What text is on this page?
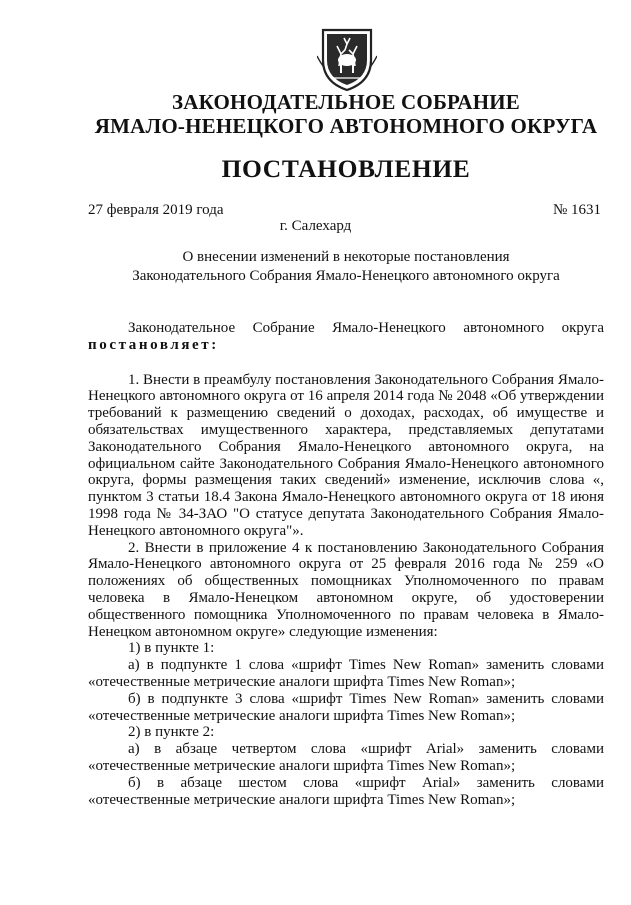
ЗАКОНОДАТЕЛЬНОЕ СОБРАНИЕ
ЯМАЛО-НЕНЕЦКОГО АВТОНОМНОГО ОКРУГА
ПОСТАНОВЛЕНИЕ
27 февраля 2019 года	№ 1631
г. Салехард
О внесении изменений в некоторые постановления
Законодательного Собрания Ямало-Ненецкого автономного округа

Законодательное Собрание Ямало-Ненецкого автономного округа

постановляет:

1. Внести в преамбулу постановления Законодательного Собрания Ямало-Ненецкого автономного округа от 16 апреля 2014 года № 2048 «Об утверждении требований к размещению сведений о доходах, расходах, об имуществе и обязательствах имущественного характера, представляемых депутатами Законодательного Собрания Ямало-Ненецкого автономного округа, на официальном сайте Законодательного Собрания Ямало-Ненецкого автономного округа, формы размещения таких сведений» изменение, исключив слова «, пунктом 3 статьи 18.4 Закона Ямало-Ненецкого автономного округа от 18 июня 1998 года № 34-ЗАО "О статусе депутата Законодательного Собрания Ямало-Ненецкого автономного округа"».

2. Внести в приложение 4 к постановлению Законодательного Собрания Ямало-Ненецкого автономного округа от 25 февраля 2016 года № 259 «О положениях об общественных помощниках Уполномоченного по правам человека в Ямало-Ненецком автономном округе, об удостоверении общественного помощника Уполномоченного по правам человека в Ямало-Ненецком автономном округе» следующие изменения:

1) в пункте 1:

а) в подпункте 1 слова «шрифт Times New Roman» заменить словами «отечественные метрические аналоги шрифта Times New Roman»;

б) в подпункте 3 слова «шрифт Times New Roman» заменить словами «отечественные метрические аналоги шрифта Times New Roman»;

2) в пункте 2:

а) в абзаце четвертом слова «шрифт Arial» заменить словами «отечественные метрические аналоги шрифта Times New Roman»;

б) в абзаце шестом слова «шрифт Arial» заменить словами «отечественные метрические аналоги шрифта Times New Roman»;
